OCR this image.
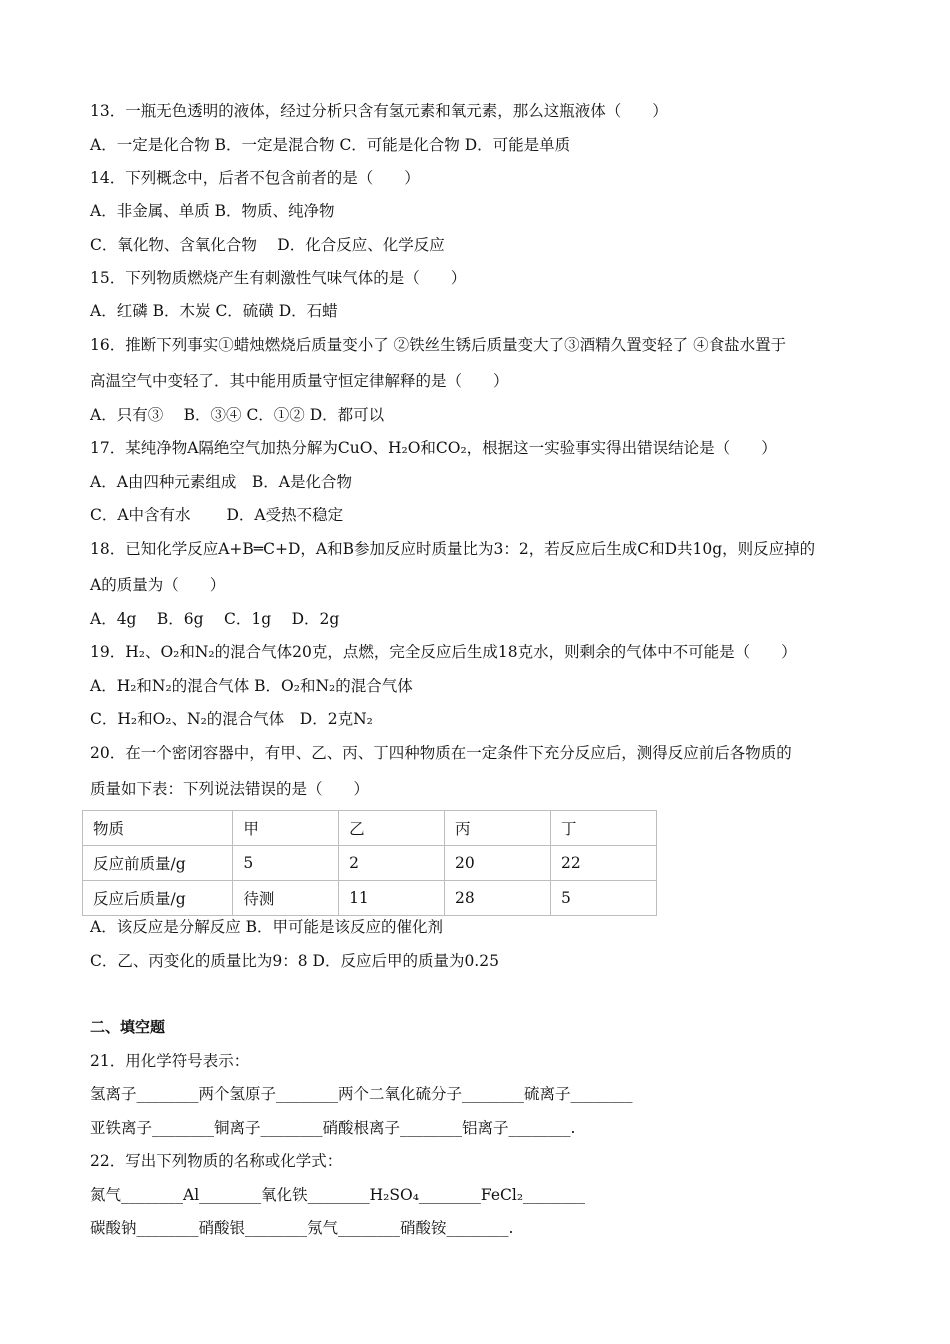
13．一瓶无色透明的液体，经过分析只含有氢元素和氧元素，那么这瓶液体（　　）
A．一定是化合物 B．一定是混合物 C．可能是化合物 D．可能是单质
14．下列概念中，后者不包含前者的是（　　）
A．非金属、单质 B．物质、纯净物
C．氧化物、含氧化合物　 D．化合反应、化学反应
15．下列物质燃烧产生有刺激性气味气体的是（　　）
A．红磷 B．木炭 C．硫磺 D．石蜡
16．推断下列事实①蜡烛燃烧后质量变小了 ②铁丝生锈后质量变大了③酒精久置变轻了 ④食盐水置于
高温空气中变轻了．其中能用质量守恒定律解释的是（　　）
A．只有③　 B．③④ C．①② D．都可以
17．某纯净物A隔绝空气加热分解为CuO、H₂O和CO₂，根据这一实验事实得出错误结论是（　　）
A．A由四种元素组成　B．A是化合物
C．A中含有水　　 D．A受热不稳定
18．已知化学反应A+B═C+D，A和B参加反应时质量比为3：2，若反应后生成C和D共10g，则反应掉的
A的质量为（　　）
A．4g　 B．6g　 C．1g　 D．2g
19．H₂、O₂和N₂的混合气体20克，点燃，完全反应后生成18克水，则剩余的气体中不可能是（　　）
A．H₂和N₂的混合气体 B．O₂和N₂的混合气体
C．H₂和O₂、N₂的混合气体　D．2克N₂
20．在一个密闭容器中，有甲、乙、丙、丁四种物质在一定条件下充分反应后，测得反应前后各物质的
质量如下表：下列说法错误的是（　　）
物质	甲	乙	丙	丁
反应前质量/g	5	2	20	22
反应后质量/g	待测	11	28	5
A．该反应是分解反应 B．甲可能是该反应的催化剂
C．乙、丙变化的质量比为9：8 D．反应后甲的质量为0.25
二、填空题
21．用化学符号表示：
氢离子________两个氢原子________两个二氧化硫分子________硫离子________
亚铁离子________铜离子________硝酸根离子________铝离子________.
22．写出下列物质的名称或化学式：
氮气________Al________氧化铁________H₂SO₄________FeCl₂________
碳酸钠________硝酸银________氖气________硝酸铵________.
